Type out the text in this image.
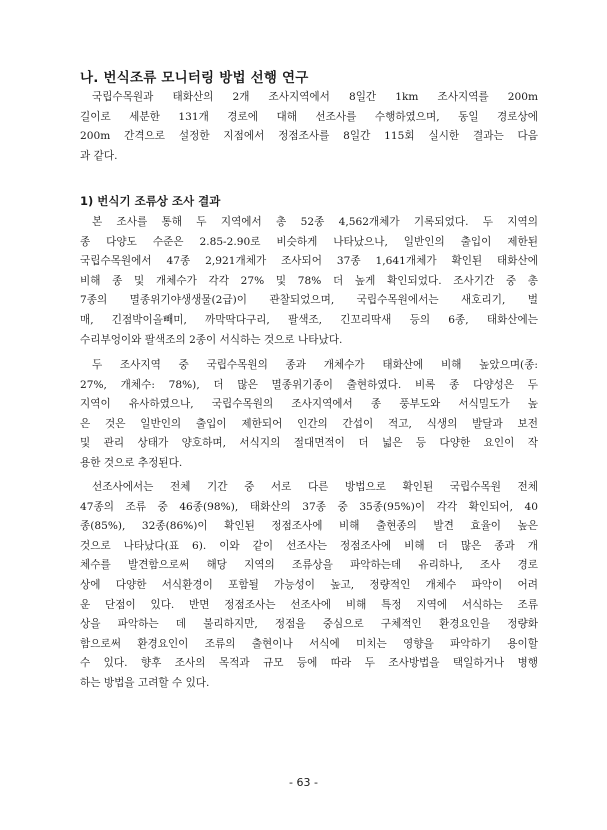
나. 번식조류 모니터링 방법 선행 연구
국립수목원과 태화산의 2개 조사지역에서 8일간 1km 조사지역를 200m
길이로 세분한 131개 경로에 대해 선조사를 수행하였으며, 동일 경로상에
200m 간격으로 설정한 지점에서 정점조사를 8일간 115회 실시한 결과는 다음
과 같다.
1) 번식기 조류상 조사 결과
본 조사를 통해 두 지역에서 총 52종 4,562개체가 기록되었다. 두 지역의
종 다양도 수준은 2.85-2.90로 비슷하게 나타났으나, 일반인의 출입이 제한된
국립수목원에서 47종 2,921개체가 조사되어 37종 1,641개체가 확인된 태화산에
비해 종 및 개체수가 각각 27% 및 78% 더 높게 확인되었다. 조사기간 중 총
7종의 멸종위기야생생물(2급)이 관찰되었으며, 국립수목원에서는 새호리기, 벌
매, 긴점박이올빼미, 까막딱다구리, 팔색조, 긴꼬리딱새 등의 6종, 태화산에는
수리부엉이와 팔색조의 2종이 서식하는 것으로 나타났다.
두 조사지역 중 국립수목원의 종과 개체수가 태화산에 비해 높았으며(종:
27%, 개체수: 78%), 더 많은 멸종위기종이 출현하였다. 비록 종 다양성은 두
지역이 유사하였으나, 국립수목원의 조사지역에서 종 풍부도와 서식밀도가 높
은 것은 일반인의 출입이 제한되어 인간의 간섭이 적고, 식생의 발달과 보전
및 관리 상태가 양호하며, 서식지의 절대면적이 더 넓은 등 다양한 요인이 작
용한 것으로 추정된다.
선조사에서는 전체 기간 중 서로 다른 방법으로 확인된 국립수목원 전체
47종의 조류 중 46종(98%), 태화산의 37종 중 35종(95%)이 각각 확인되어, 40
종(85%), 32종(86%)이 확인된 정점조사에 비해 출현종의 발견 효율이 높은
것으로 나타났다(표 6). 이와 같이 선조사는 정점조사에 비해 더 많은 종과 개
체수를 발견함으로써 해당 지역의 조류상을 파악하는데 유리하나, 조사 경로
상에 다양한 서식환경이 포함될 가능성이 높고, 정량적인 개체수 파악이 어려
운 단점이 있다. 반면 정점조사는 선조사에 비해 특정 지역에 서식하는 조류
상을 파악하는 데 불리하지만, 정점을 중심으로 구체적인 환경요인을 정량화
함으로써 환경요인이 조류의 출현이나 서식에 미치는 영향을 파악하기 용이할
수 있다. 향후 조사의 목적과 규모 등에 따라 두 조사방법을 택일하거나 병행
하는 방법을 고려할 수 있다.
- 63 -
